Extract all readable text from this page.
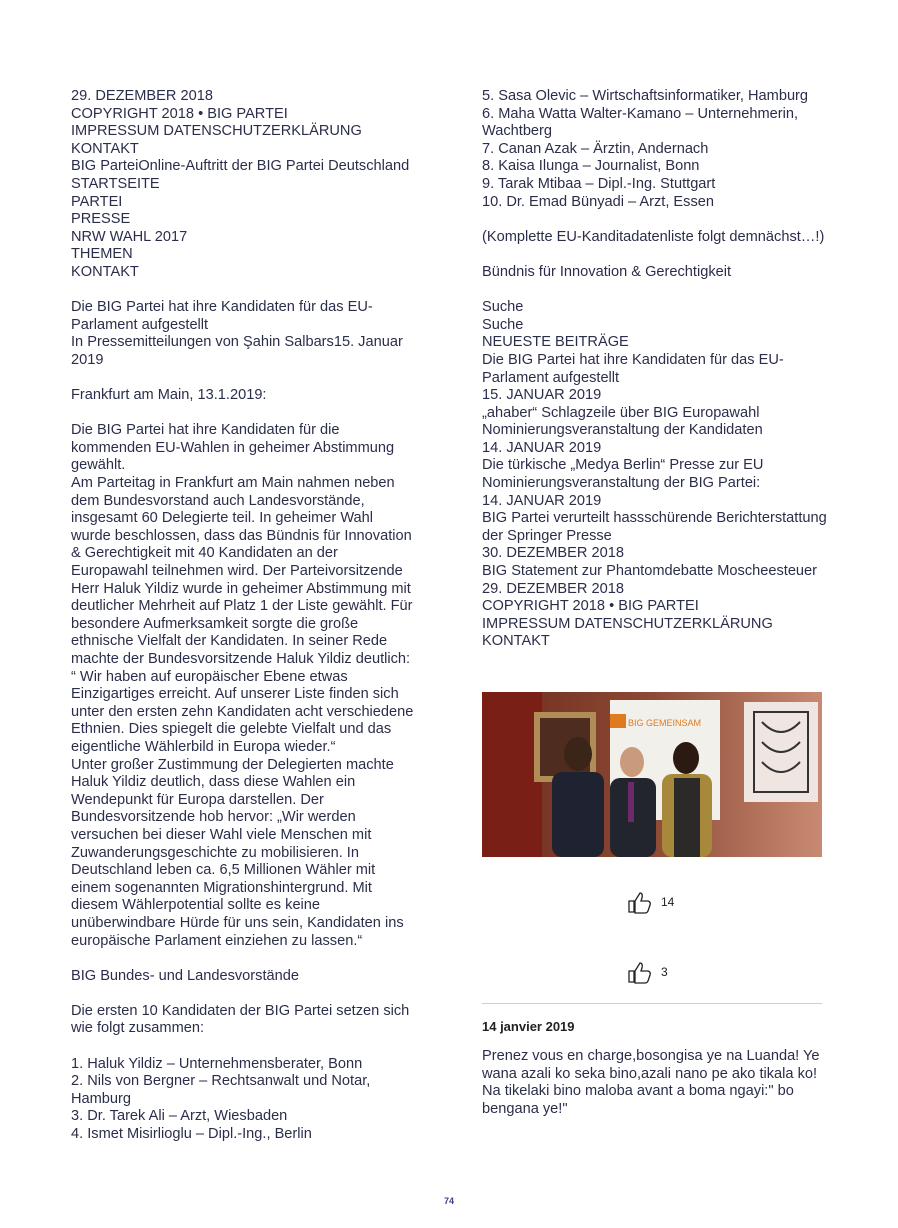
29. DEZEMBER 2018
COPYRIGHT 2018 • BIG PARTEI
IMPRESSUM DATENSCHUTZERKLÄRUNG
KONTAKT
BIG ParteiOnline-Auftritt der BIG Partei Deutschland
STARTSEITE
PARTEI
PRESSE
NRW WAHL 2017
THEMEN
KONTAKT
Die BIG Partei hat ihre Kandidaten für das EU-Parlament aufgestellt
In Pressemitteilungen von Şahin Salbars15. Januar 2019
Frankfurt am Main, 13.1.2019:
Die BIG Partei hat ihre Kandidaten für die kommenden EU-Wahlen in geheimer Abstimmung gewählt.
Am Parteitag in Frankfurt am Main nahmen neben dem Bundesvorstand auch Landesvorstände, insgesamt 60 Delegierte teil. In geheimer Wahl wurde beschlossen, dass das Bündnis für Innovation & Gerechtigkeit mit 40 Kandidaten an der Europawahl teilnehmen wird. Der Parteivorsitzende Herr Haluk Yildiz wurde in geheimer Abstimmung mit deutlicher Mehrheit auf Platz 1 der Liste gewählt. Für besondere Aufmerksamkeit sorgte die große ethnische Vielfalt der Kandidaten. In seiner Rede machte der Bundesvorsitzende Haluk Yildiz deutlich: “ Wir haben auf europäischer Ebene etwas Einzigartiges erreicht. Auf unserer Liste finden sich unter den ersten zehn Kandidaten acht verschiedene Ethnien. Dies spiegelt die gelebte Vielfalt und das eigentliche Wählerbild in Europa wieder.“
Unter großer Zustimmung der Delegierten machte Haluk Yildiz deutlich, dass diese Wahlen ein Wendepunkt für Europa darstellen. Der Bundesvorsitzende hob hervor: „Wir werden versuchen bei dieser Wahl viele Menschen mit Zuwanderungsgeschichte zu mobilisieren. In Deutschland leben ca. 6,5 Millionen Wähler mit einem sogenannten Migrationshintergrund. Mit diesem Wählerpotential sollte es keine unüberwindbare Hürde für uns sein, Kandidaten ins europäische Parlament einziehen zu lassen.“
BIG Bundes- und Landesvorstände
Die ersten 10 Kandidaten der BIG Partei setzen sich wie folgt zusammen:
1. Haluk Yildiz – Unternehmensberater, Bonn
2. Nils von Bergner – Rechtsanwalt und Notar, Hamburg
3. Dr. Tarek Ali – Arzt, Wiesbaden
4. Ismet Misirlioglu – Dipl.-Ing., Berlin
5. Sasa Olevic – Wirtschaftsinformatiker, Hamburg
6. Maha Watta Walter-Kamano – Unternehmerin, Wachtberg
7. Canan Azak – Ärztin, Andernach
8. Kaisa Ilunga – Journalist, Bonn
9. Tarak Mtibaa – Dipl.-Ing. Stuttgart
10. Dr. Emad Bünyadi – Arzt, Essen
(Komplette EU-Kanditadatenliste folgt demnächst…!)
Bündnis für Innovation & Gerechtigkeit
Suche
Suche
NEUESTE BEITRÄGE
Die BIG Partei hat ihre Kandidaten für das EU-Parlament aufgestellt
15. JANUAR 2019
„ahaber“ Schlagzeile über BIG Europawahl Nominierungsveranstaltung der Kandidaten
14. JANUAR 2019
Die türkische „Medya Berlin“ Presse zur EU Nominierungsveranstaltung der BIG Partei:
14. JANUAR 2019
BIG Partei verurteilt hassschürende Berichterstattung der Springer Presse
30. DEZEMBER 2018
BIG Statement zur Phantomdebatte Moscheesteuer
29. DEZEMBER 2018
COPYRIGHT 2018 • BIG PARTEI
IMPRESSUM DATENSCHUTZERKLÄRUNG
KONTAKT
BIG GEMEINSAM
14
3
14 janvier 2019
Prenez vous en charge,bosongisa ye na Luanda! Ye wana azali ko seka bino,azali nano pe ako tikala ko!
Na tikelaki bino maloba avant a boma ngayi:" bo bengana ye!"
74
